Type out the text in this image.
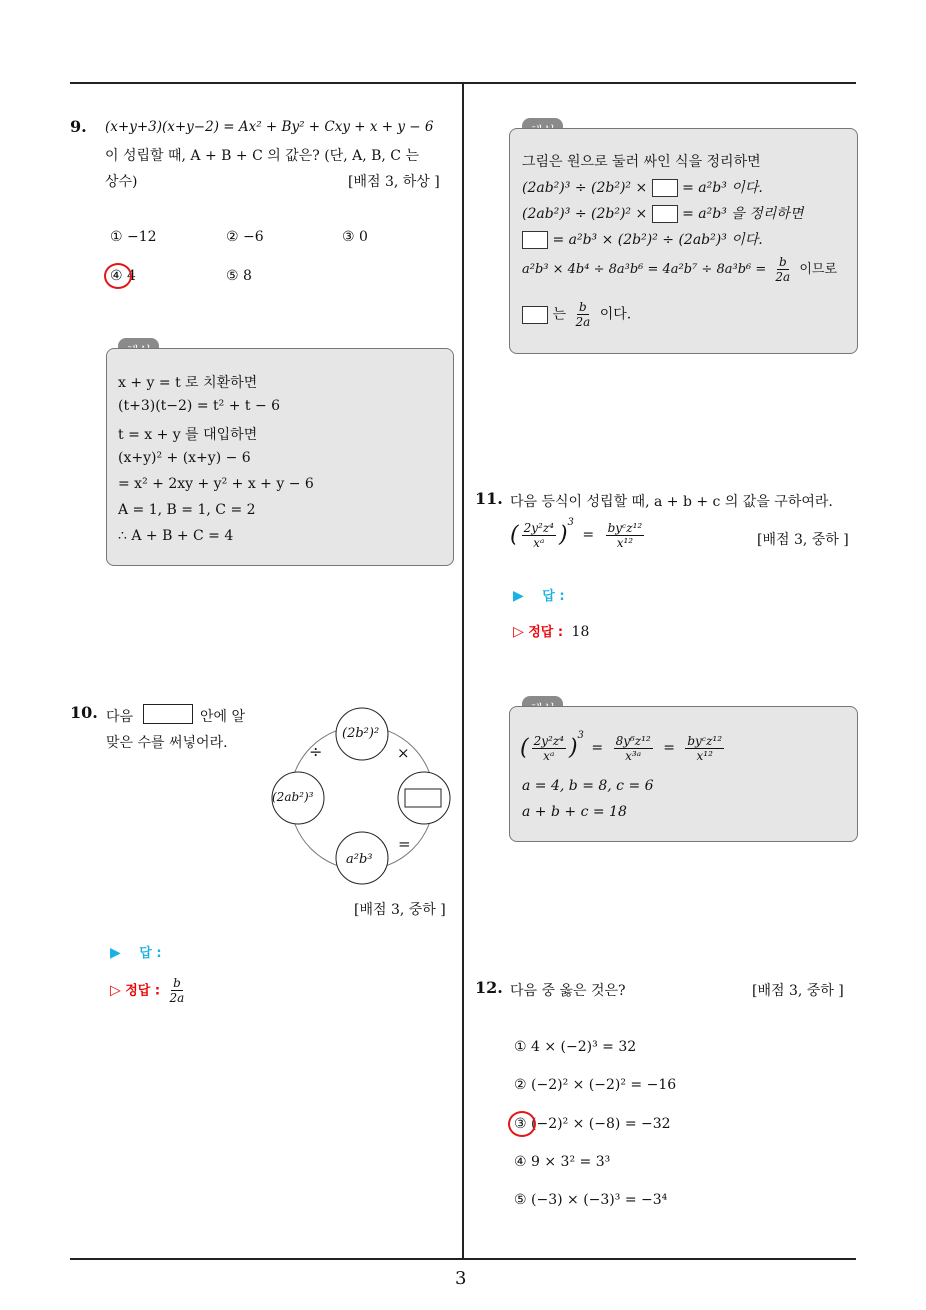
3
9. (x+y+3)(x+y−2) = Ax² + By² + Cxy + x + y − 6
이 성립할 때, A + B + C 의 값은? (단, A, B, C 는
상수)	[배점 3, 하상 ]
① −12	② −6	③ 0
④ 4	⑤ 8
x + y = t 로 치환하면
(t+3)(t−2) = t² + t − 6
t = x + y 를 대입하면
(x+y)² + (x+y) − 6
= x² + 2xy + y² + x + y − 6
A = 1, B = 1, C = 2
∴ A + B + C = 4
10. 다음	안에 알
맞은 수를 써넣어라.
(2b²)²
(2ab²)³
a²b³
÷	×
=
[배점 3, 중하 ]
▶ 답 :
▷ 정답 : $\frac{b}{2a}$
그림은 원으로 둘러 싸인 식을 정리하면
(2ab²)³ ÷ (2b²)² × = a²b³ 이다.
(2ab²)³ ÷ (2b²)² × = a²b³ 을 정리하면
= a²b³ × (2b²)² ÷ (2ab²)³ 이다.
$a^2b^3 \times 4b^4 \div 8a^3b^6 = 4a^2b^7 \div 8a^3b^6 = \frac{b}{2a}$ 이므로
는 $\frac{b}{2a}$ 이다.
11. 다음 등식이 성립할 때, a + b + c 의 값을 구하여라.
( $\frac{\text{2y²z⁴}}{\text{xᵃ}} )^3 = \frac{\text{byᶜz¹²}}{\text{x¹²}}$	[배점 3, 중하 ]
▶ 답 :
▷ 정답 : 18
( $\frac{\text{2y²z⁴}}{\text{xᵃ}} )^3 = \frac{\text{8y⁶z¹²}}{\text{x³ᵃ}} = \frac{\text{byᶜz¹²}}{\text{x¹²}}$
a = 4, b = 8, c = 6
a + b + c = 18
12. 다음 중 옳은 것은?	[배점 3, 중하 ]
① 4 × (−2)³ = 32
② (−2)² × (−2)² = −16
③ (−2)² × (−8) = −32
④ 9 × 3² = 3³
⑤ (−3) × (−3)³ = −3⁴
